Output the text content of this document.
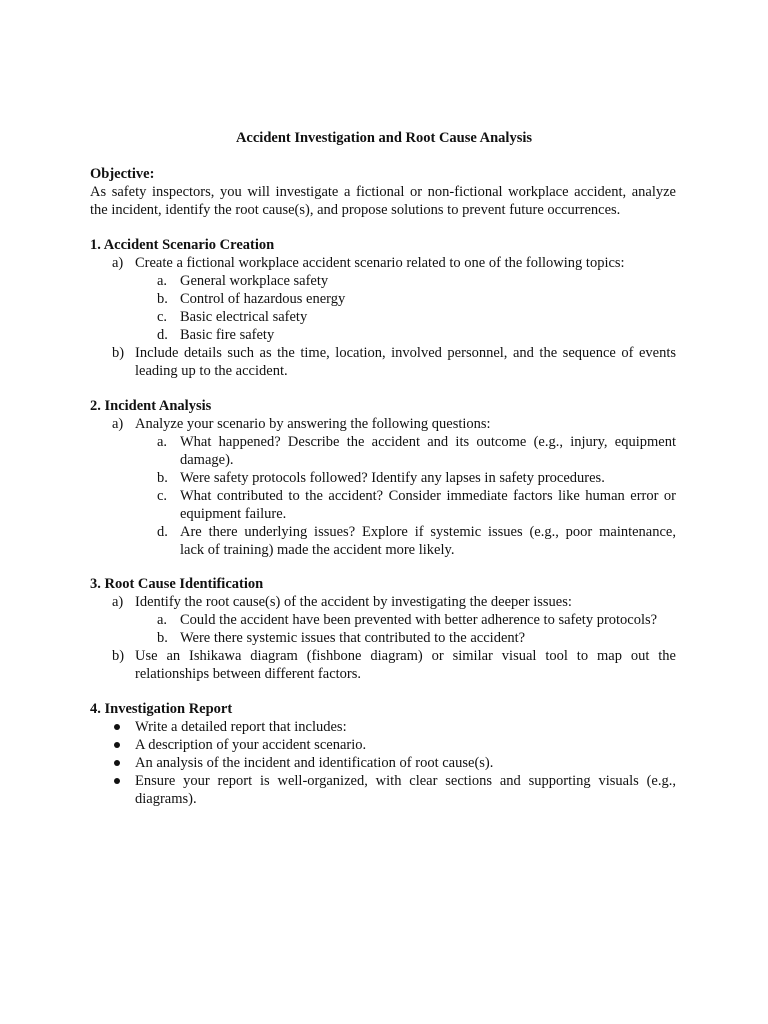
Accident Investigation and Root Cause Analysis
Objective:
As safety inspectors, you will investigate a fictional or non-fictional workplace accident, analyze
the incident, identify the root cause(s), and propose solutions to prevent future occurrences.
1. Accident Scenario Creation
a) Create a fictional workplace accident scenario related to one of the following topics:
a. General workplace safety
b. Control of hazardous energy
c. Basic electrical safety
d. Basic fire safety
b) Include details such as the time, location, involved personnel, and the sequence of events
leading up to the accident.
2. Incident Analysis
a) Analyze your scenario by answering the following questions:
a. What happened? Describe the accident and its outcome (e.g., injury, equipment
damage).
b. Were safety protocols followed? Identify any lapses in safety procedures.
c. What contributed to the accident? Consider immediate factors like human error or
equipment failure.
d. Are there underlying issues? Explore if systemic issues (e.g., poor maintenance,
lack of training) made the accident more likely.
3. Root Cause Identification
a) Identify the root cause(s) of the accident by investigating the deeper issues:
a. Could the accident have been prevented with better adherence to safety protocols?
b. Were there systemic issues that contributed to the accident?
b) Use an Ishikawa diagram (fishbone diagram) or similar visual tool to map out the
relationships between different factors.
4. Investigation Report
Write a detailed report that includes:
A description of your accident scenario.
An analysis of the incident and identification of root cause(s).
Ensure your report is well-organized, with clear sections and supporting visuals (e.g.,
diagrams).
